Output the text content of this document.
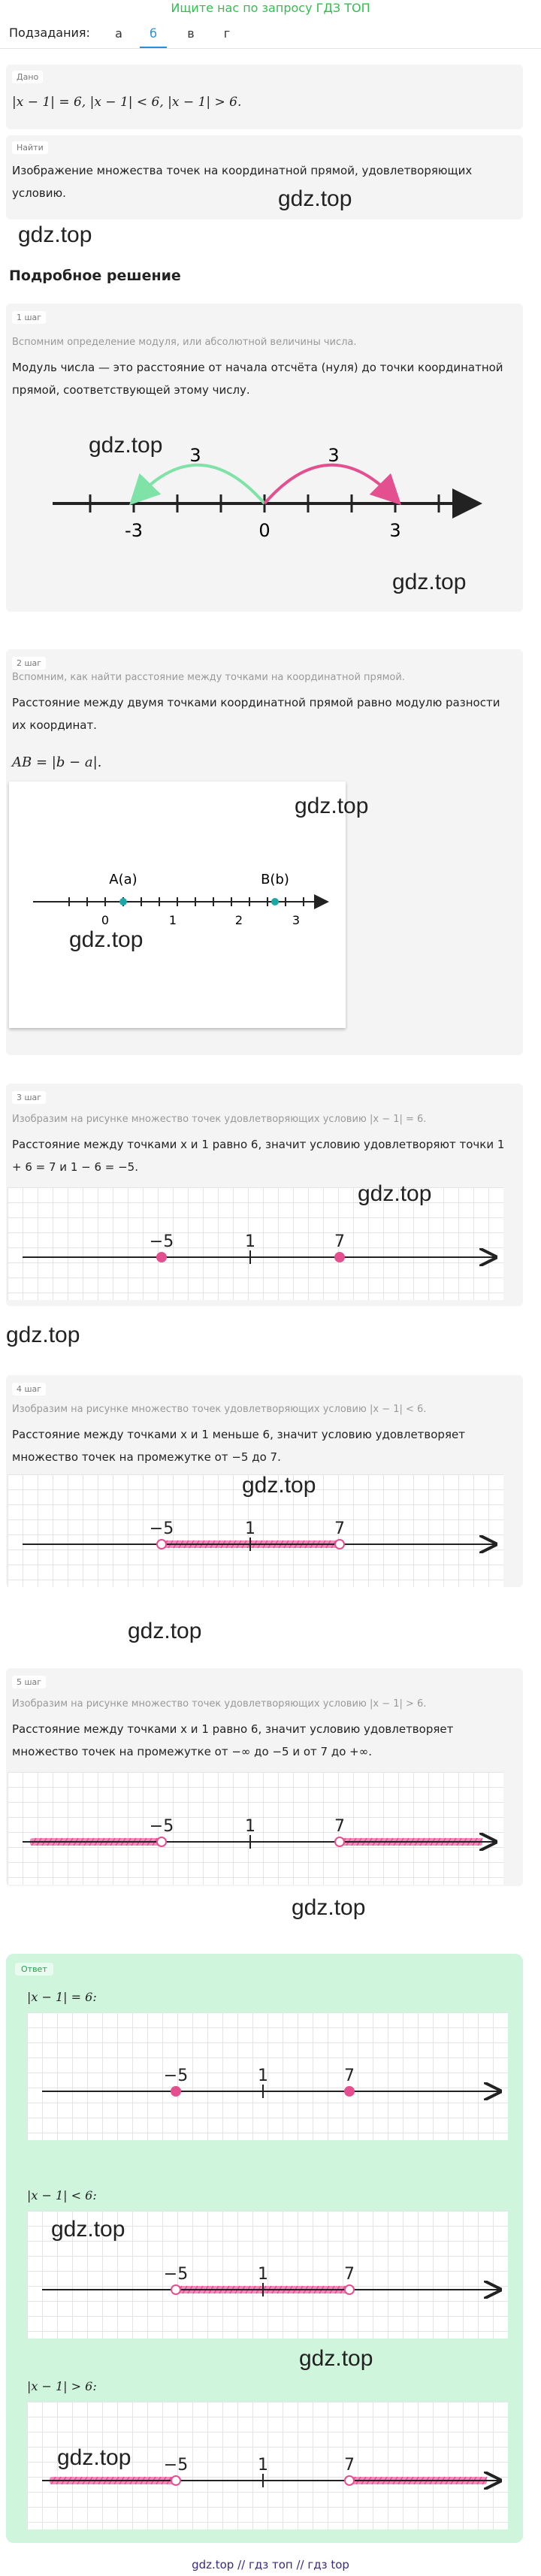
Ищите нас по запросу ГДЗ ТОП
Подзадания:	а	б	в	г
Дано
|x − 1| = 6, |x − 1| < 6, |x − 1| > 6.
Найти
Изображение множества точек на координатной прямой, удовлетворяющих условию.	gdz.top
gdz.top
Подробное решение
1 шаг
Вспомним определение модуля, или абсолютной величины числа.
Модуль числа — это расстояние от начала отсчёта (нуля) до точки координатной прямой, соответствующей этому числу.
3	3
-3	0	3
gdz.top
gdz.top
2 шаг
Вспомним, как найти расстояние между точками на координатной прямой.
Расстояние между двумя точками координатной прямой равно модулю разности их координат.
AB = |b − a|.
A(a)	B(b)
0	1	2	3
gdz.top
gdz.top
3 шаг
Изобразим на рисунке множество точек удовлетворяющих условию |x − 1| = 6.
Расстояние между точками x и 1 равно 6, значит условию удовлетворяют точки 1 + 6 = 7 и 1 − 6 = −5.
−5	1	7
gdz.top
gdz.top
4 шаг
Изобразим на рисунке множество точек удовлетворяющих условию |x − 1| < 6.
Расстояние между точками x и 1 меньше 6, значит условию удовлетворяет множество точек на промежутке от −5 до 7.
−5	1	7
gdz.top
gdz.top
5 шаг
Изобразим на рисунке множество точек удовлетворяющих условию |x − 1| > 6.
Расстояние между точками x и 1 равно 6, значит условию удовлетворяет множество точек на промежутке от −∞ до −5 и от 7 до +∞.
−5	1	7
gdz.top
Ответ
|x − 1| = 6:
−5	1	7
|x − 1| < 6:
−5	1	7
|x − 1| > 6:
−5	1	7
gdz.top
gdz.top
gdz.top
gdz.top // гдз топ // гдз top
